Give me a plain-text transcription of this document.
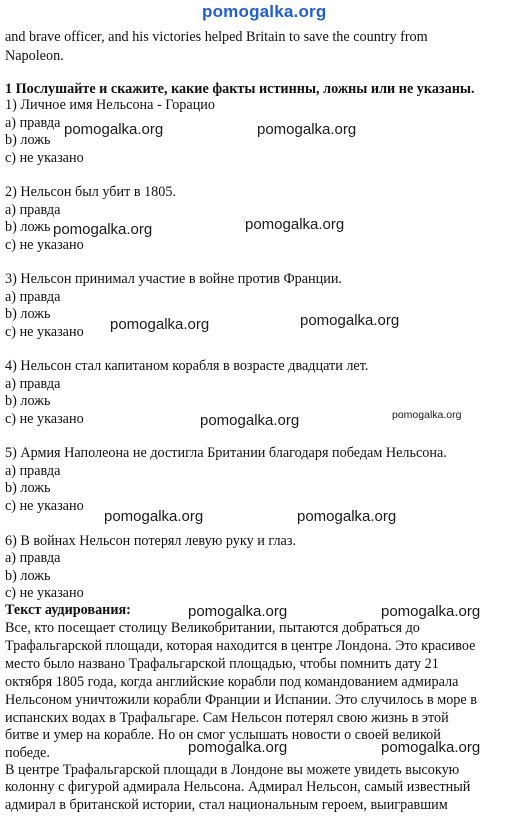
pomogalka.org
and brave officer, and his victories helped Britain to save the country from
Napoleon.
1 Послушайте и скажите, какие факты истинны, ложны или не указаны.
1) Личное имя Нельсона - Горацио
a) правда
b) ложь
c) не указано
2) Нельсон был убит в 1805.
a) правда
b) ложь
c) не указано
3) Нельсон принимал участие в войне против Франции.
a) правда
b) ложь
c) не указано
4) Нельсон стал капитаном корабля в возрасте двадцати лет.
a) правда
b) ложь
c) не указано
5) Армия Наполеона не достигла Британии благодаря победам Нельсона.
a) правда
b) ложь
c) не указано
6) В войнах Нельсон потерял левую руку и глаз.
a) правда
b) ложь
c) не указано
Текст аудирования:
Все, кто посещает столицу Великобритании, пытаются добраться до
Трафальгарской площади, которая находится в центре Лондона. Это красивое
место было названо Трафальгарской площадью, чтобы помнить дату 21
октября 1805 года, когда английские корабли под командованием адмирала
Нельсоном уничтожили корабли Франции и Испании. Это случилось в море в
испанских водах в Трафальгаре. Сам Нельсон потерял свою жизнь в этой
битве и умер на корабле. Но он смог услышать новости о своей великой
победе.
В центре Трафальгарской площади в Лондоне вы можете увидеть высокую
колонну с фигурой адмирала Нельсона. Адмирал Нельсон, самый известный
адмирал в британской истории, стал национальным героем, выигравшим
pomogalka.org	pomogalka.org
pomogalka.org	pomogalka.org
pomogalka.org	pomogalka.org
pomogalka.org	pomogalka.org
pomogalka.org	pomogalka.org
pomogalka.org	pomogalka.org
pomogalka.org	pomogalka.org
